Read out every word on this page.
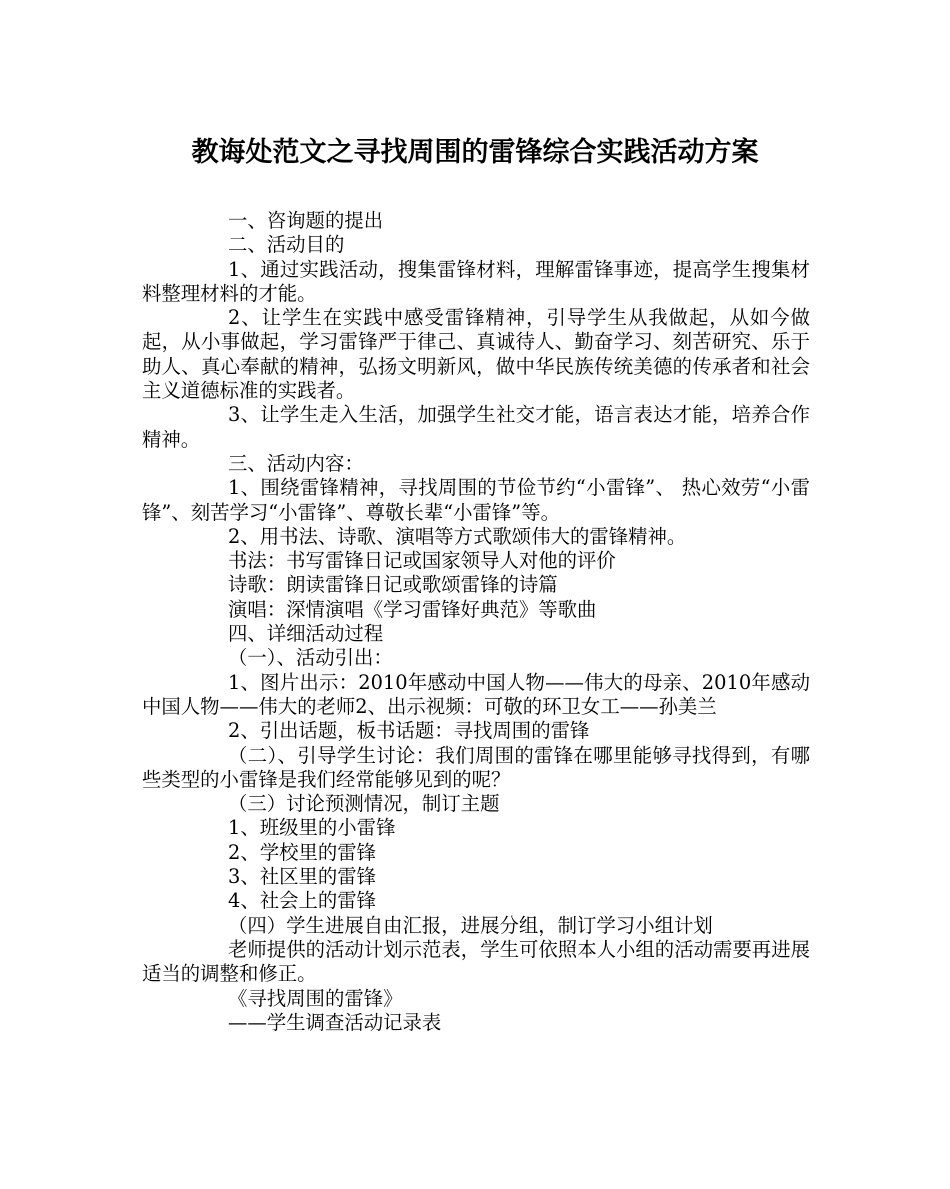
教诲处范文之寻找周围的雷锋综合实践活动方案

一、咨询题的提出

二、活动目的

1、通过实践活动，搜集雷锋材料，理解雷锋事迹，提高学生搜集材料整理材料的才能。

2、让学生在实践中感受雷锋精神，引导学生从我做起，从如今做起，从小事做起，学习雷锋严于律己、真诚待人、勤奋学习、刻苦研究、乐于助人、真心奉献的精神，弘扬文明新风，做中华民族传统美德的传承者和社会主义道德标准的实践者。

3、让学生走入生活，加强学生社交才能，语言表达才能，培养合作精神。

三、活动内容：

1、围绕雷锋精神，寻找周围的节俭节约“小雷锋”、 热心效劳“小雷锋”、刻苦学习“小雷锋”、尊敬长辈“小雷锋”等。

2、用书法、诗歌、演唱等方式歌颂伟大的雷锋精神。

书法：书写雷锋日记或国家领导人对他的评价

诗歌：朗读雷锋日记或歌颂雷锋的诗篇

演唱：深情演唱《学习雷锋好典范》等歌曲

四、详细活动过程

（一）、活动引出：

1、图片出示：2010年感动中国人物——伟大的母亲、2010年感动中国人物——伟大的老师2、出示视频：可敬的环卫女工——孙美兰

2、引出话题，板书话题：寻找周围的雷锋

（二）、引导学生讨论：我们周围的雷锋在哪里能够寻找得到，有哪些类型的小雷锋是我们经常能够见到的呢？

（三）讨论预测情况，制订主题

1、班级里的小雷锋

2、学校里的雷锋

3、社区里的雷锋

4、社会上的雷锋

（四）学生进展自由汇报，进展分组，制订学习小组计划

老师提供的活动计划示范表，学生可依照本人小组的活动需要再进展适当的调整和修正。

《寻找周围的雷锋》

——学生调查活动记录表
